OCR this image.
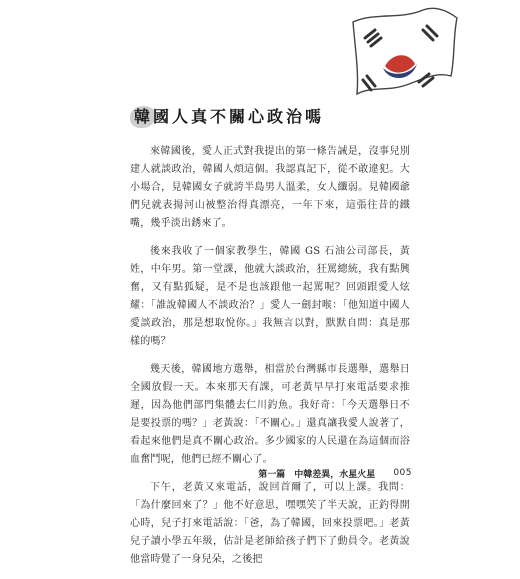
韓國人真不關心政治嗎

來韓國後，愛人正式對我提出的第一條告誡是，沒事兒別建人就談政治，韓國人煩這個。我認真記下，從不敢違犯。大小場合，見韓國女子就誇半島男人溫柔，女人纖弱。見韓國爺們兒就表揚河山被整治得真漂亮，一年下來，這張往昔的鐵嘴，幾乎淡出銹來了。

後來我收了一個家教學生，韓國 GS 石油公司部長，黃姓，中年男。第一堂課，他就大談政治，狂罵總統，我有點興奮，又有點狐疑，是不是也該跟他一起罵呢？回頭跟愛人炫耀：「誰說韓國人不談政治？」愛人一劍封喉：「他知道中國人愛談政治，那是想取悅你。」我無言以對，默默自問：真是那樣的嗎？

幾天後，韓國地方選舉，相當於台灣縣市長選舉，選舉日全國放假一天。本來那天有課，可老黃早早打來電話要求推遲，因為他們部門集體去仁川釣魚。我好奇：「今天選舉日不是要投票的嗎？」老黃說：「不關心。」還真讓我愛人說著了，看起來他們是真不關心政治。多少國家的人民還在為這個而浴血奮鬥呢，他們已經不關心了。

下午，老黃又來電話，說回首爾了，可以上課。我問：「為什麼回來了？」他不好意思，嘿嘿笑了半天說，正釣得開心時，兒子打來電話說：「爸，為了韓國，回來投票吧。」老黃兒子讀小學五年級，估計是老師給孩子們下了動員令。老黃說他當時覺了一身兒朵，之後把

第一篇　中韓差異，水星火星 005
